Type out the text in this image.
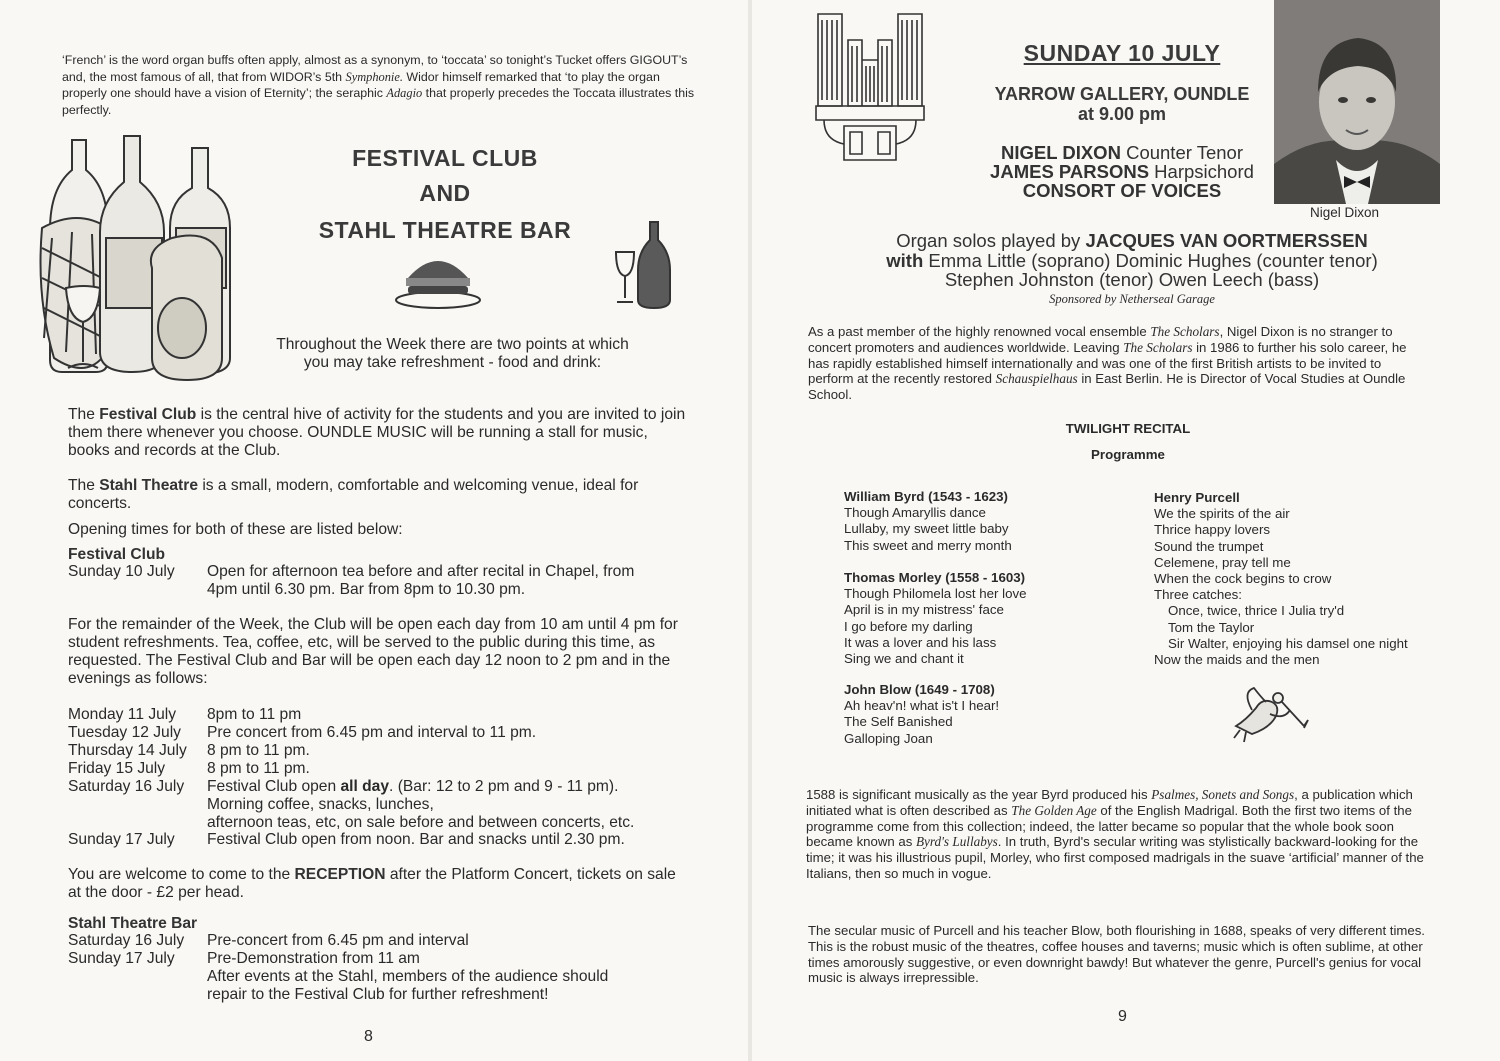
‘French’ is the word organ buffs often apply, almost as a synonym, to ‘toccata’ so tonight’s Tucket offers GIGOUT’s and, the most famous of all, that from WIDOR’s 5th Symphonie. Widor himself remarked that ‘to play the organ properly one should have a vision of Eternity’; the seraphic Adagio that properly precedes the Toccata illustrates this perfectly.
FESTIVAL CLUB
AND
STAHL THEATRE BAR
Throughout the Week there are two points at which
you may take refreshment - food and drink:
The Festival Club is the central hive of activity for the students and you are invited to join them there whenever you choose. OUNDLE MUSIC will be running a stall for music, books and records at the Club.
The Stahl Theatre is a small, modern, comfortable and welcoming venue, ideal for concerts.
Opening times for both of these are listed below:
Festival Club
Sunday 10 July Open for afternoon tea before and after recital in Chapel, from
4pm until 6.30 pm. Bar from 8pm to 10.30 pm.
For the remainder of the Week, the Club will be open each day from 10 am until 4 pm for student refreshments. Tea, coffee, etc, will be served to the public during this time, as requested. The Festival Club and Bar will be open each day 12 noon to 2 pm and in the evenings as follows:
Monday 11 July 8pm to 11 pm
Tuesday 12 July Pre concert from 6.45 pm and interval to 11 pm.
Thursday 14 July 8 pm to 11 pm.
Friday 15 July	8 pm to 11 pm.
Saturday 16 July Festival Club open all day. (Bar: 12 to 2 pm and 9 - 11 pm).
Morning coffee, snacks, lunches,
afternoon teas, etc, on sale before and between concerts, etc.
Sunday 17 July Festival Club open from noon. Bar and snacks until 2.30 pm.
You are welcome to come to the RECEPTION after the Platform Concert, tickets on sale at the door - £2 per head.
Stahl Theatre Bar
Saturday 16 July Pre-concert from 6.45 pm and interval
Sunday 17 July Pre-Demonstration from 11 am
After events at the Stahl, members of the audience should
repair to the Festival Club for further refreshment!
8
SUNDAY 10 JULY
YARROW GALLERY, OUNDLE
at 9.00 pm
NIGEL DIXON Counter Tenor
JAMES PARSONS Harpsichord
CONSORT OF VOICES
Nigel Dixon
Organ solos played by JACQUES VAN OORTMERSSEN
with Emma Little (soprano) Dominic Hughes (counter tenor)
Stephen Johnston (tenor) Owen Leech (bass)
Sponsored by Netherseal Garage
As a past member of the highly renowned vocal ensemble The Scholars, Nigel Dixon is no stranger to concert promoters and audiences worldwide. Leaving The Scholars in 1986 to further his solo career, he has rapidly established himself internationally and was one of the first British artists to be invited to perform at the recently restored Schauspielhaus in East Berlin. He is Director of Vocal Studies at Oundle School.
TWILIGHT RECITAL
Programme
William Byrd (1543 - 1623)
Though Amaryllis dance
Lullaby, my sweet little baby
This sweet and merry month
Thomas Morley (1558 - 1603)
Though Philomela lost her love
April is in my mistress' face
I go before my darling
It was a lover and his lass
Sing we and chant it
John Blow (1649 - 1708)
Ah heav'n! what is't I hear!
The Self Banished
Galloping Joan
Henry Purcell
We the spirits of the air
Thrice happy lovers
Sound the trumpet
Celemene, pray tell me
When the cock begins to crow
Three catches:
Once, twice, thrice I Julia try'd
Tom the Taylor
Sir Walter, enjoying his damsel one night
Now the maids and the men
1588 is significant musically as the year Byrd produced his Psalmes, Sonets and Songs, a publication which initiated what is often described as The Golden Age of the English Madrigal. Both the first two items of the programme come from this collection; indeed, the latter became so popular that the whole book soon became known as Byrd's Lullabys. In truth, Byrd's secular writing was stylistically backward-looking for the time; it was his illustrious pupil, Morley, who first composed madrigals in the suave ‘artificial’ manner of the Italians, then so much in vogue.
The secular music of Purcell and his teacher Blow, both flourishing in 1688, speaks of very different times. This is the robust music of the theatres, coffee houses and taverns; music which is often sublime, at other times amorously suggestive, or even downright bawdy! But whatever the genre, Purcell's genius for vocal music is always irrepressible.
9
